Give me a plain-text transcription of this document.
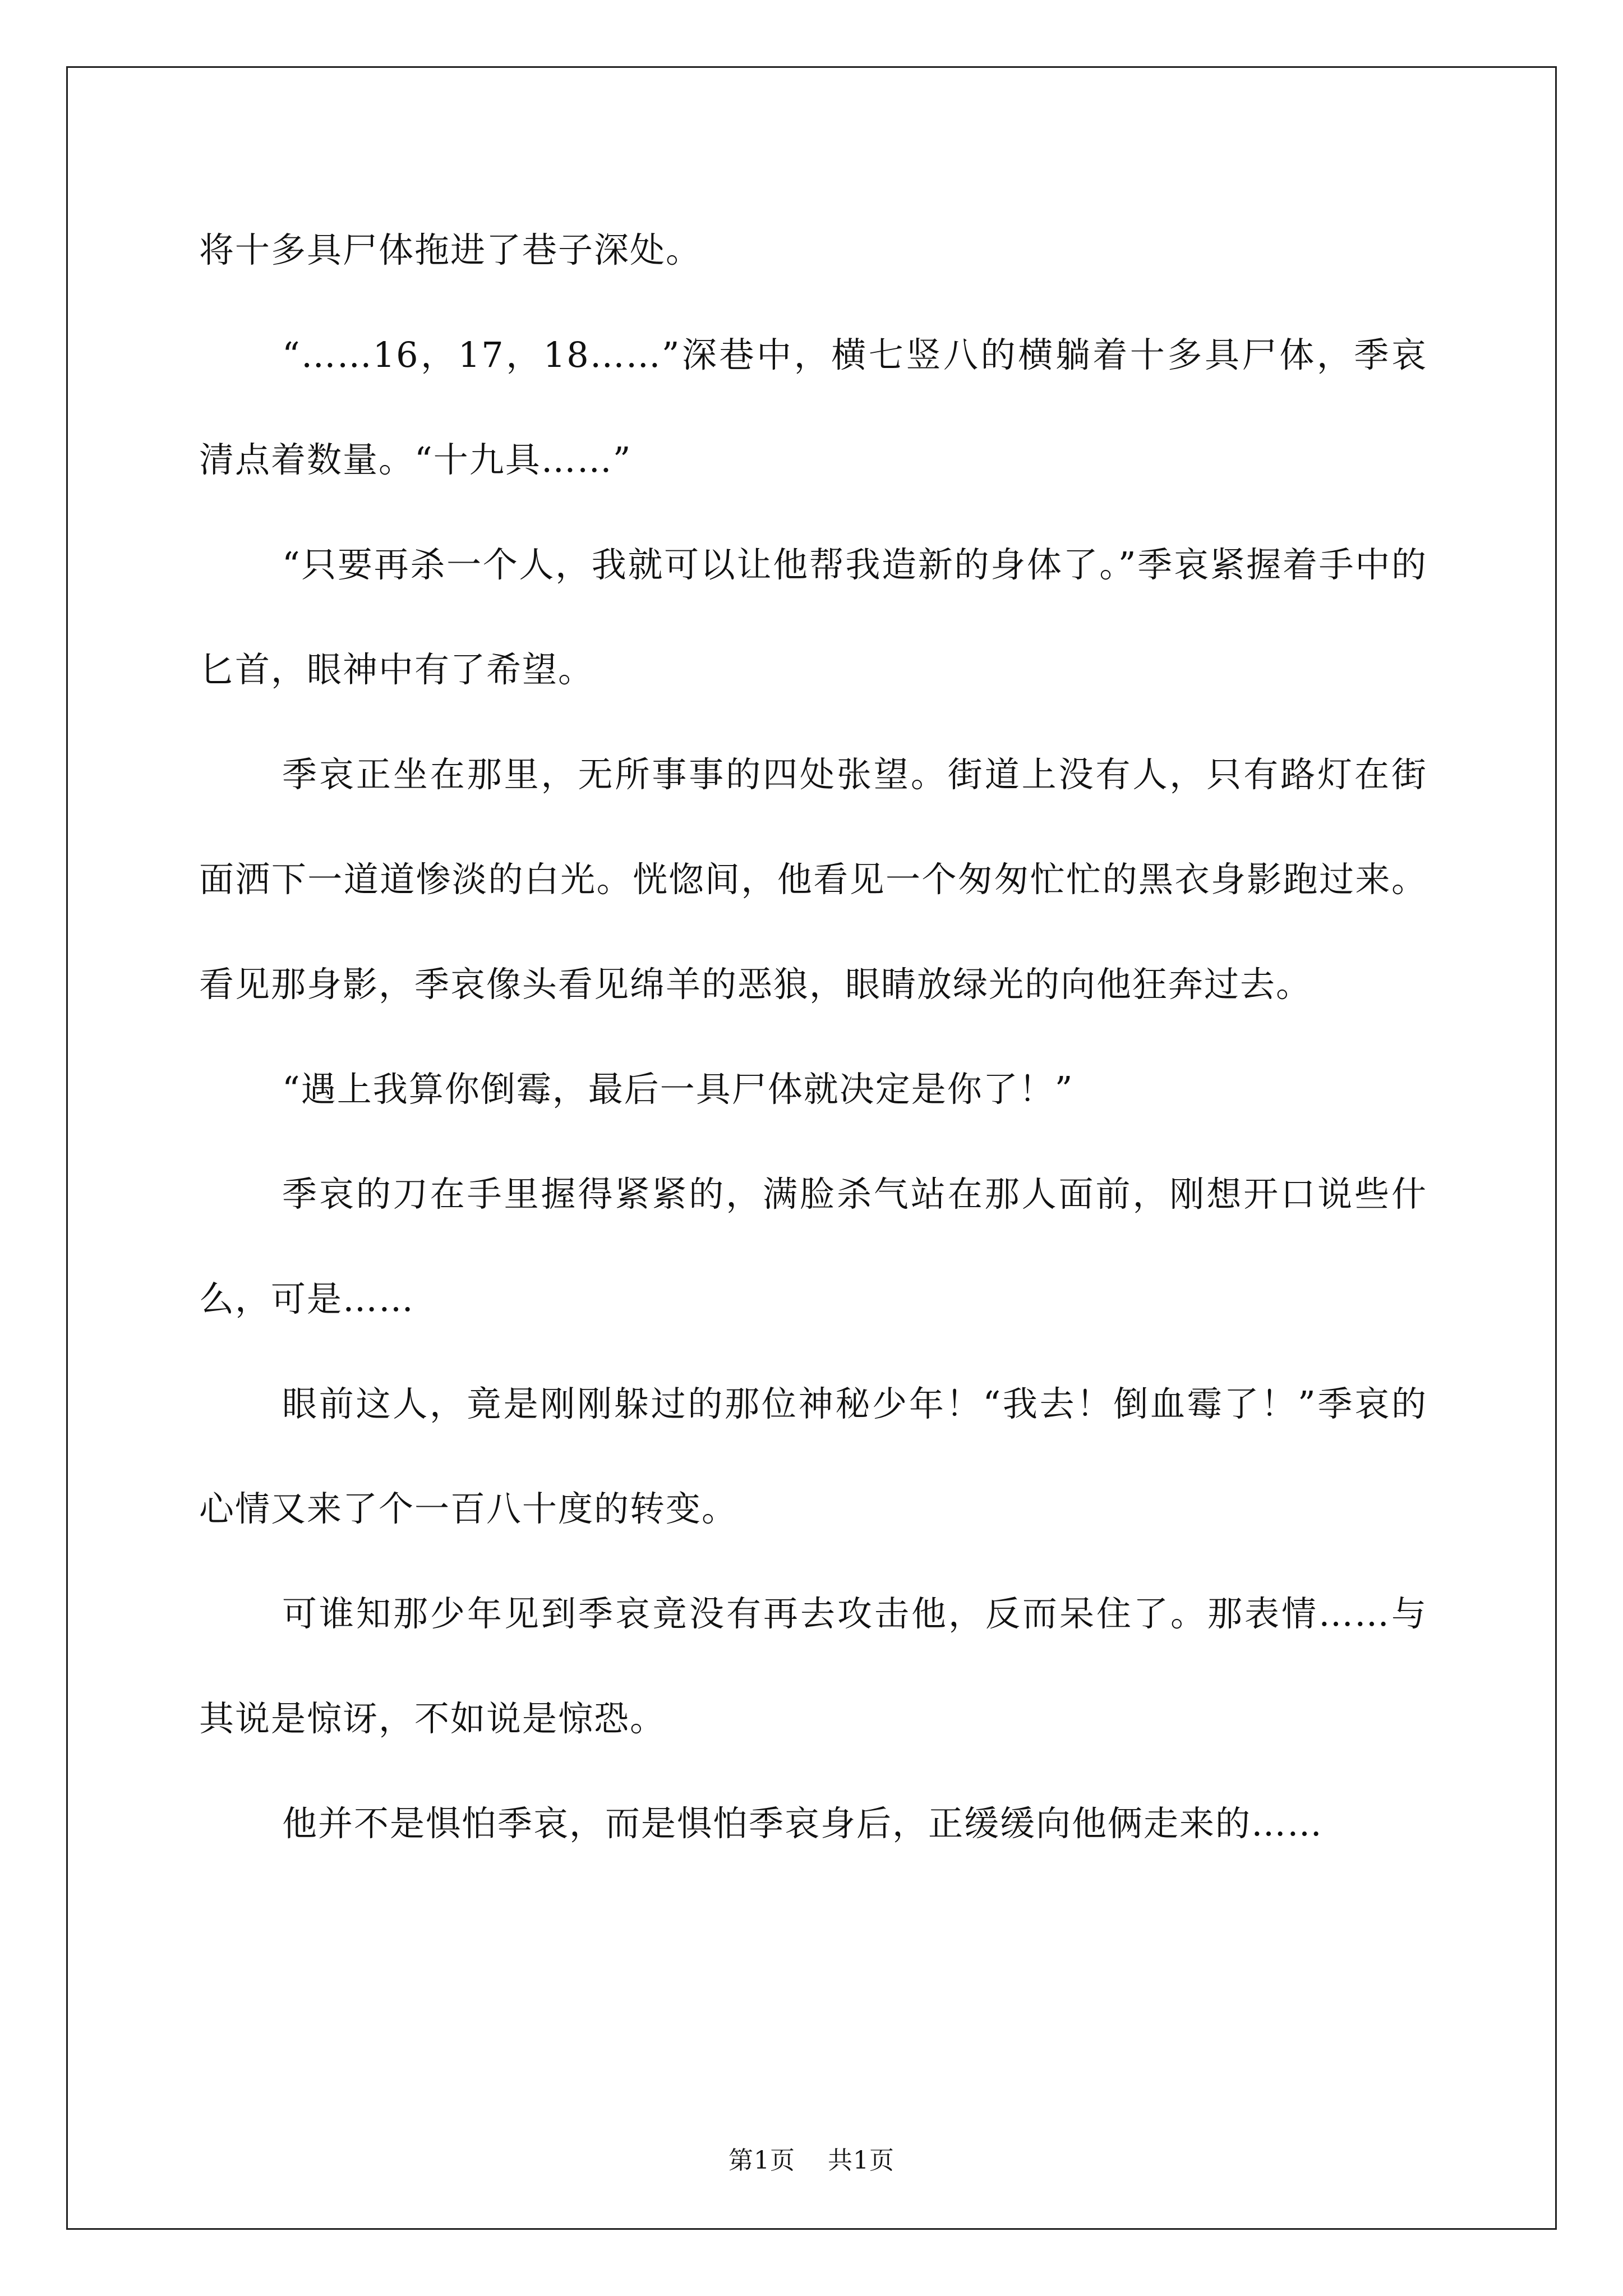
将十多具尸体拖进了巷子深处。

“……16，17，18……”深巷中，横七竖八的横躺着十多具尸体，季哀清点着数量。“十九具……”

“只要再杀一个人，我就可以让他帮我造新的身体了。”季哀紧握着手中的匕首，眼神中有了希望。

季哀正坐在那里，无所事事的四处张望。街道上没有人，只有路灯在街面洒下一道道惨淡的白光。恍惚间，他看见一个匆匆忙忙的黑衣身影跑过来。看见那身影，季哀像头看见绵羊的恶狼，眼睛放绿光的向他狂奔过去。

“遇上我算你倒霉，最后一具尸体就决定是你了！”

季哀的刀在手里握得紧紧的，满脸杀气站在那人面前，刚想开口说些什么，可是……

眼前这人，竟是刚刚躲过的那位神秘少年！“我去！倒血霉了！”季哀的心情又来了个一百八十度的转变。

可谁知那少年见到季哀竟没有再去攻击他，反而呆住了。那表情……与其说是惊讶，不如说是惊恐。

他并不是惧怕季哀，而是惧怕季哀身后，正缓缓向他俩走来的……

第1页 共1页
